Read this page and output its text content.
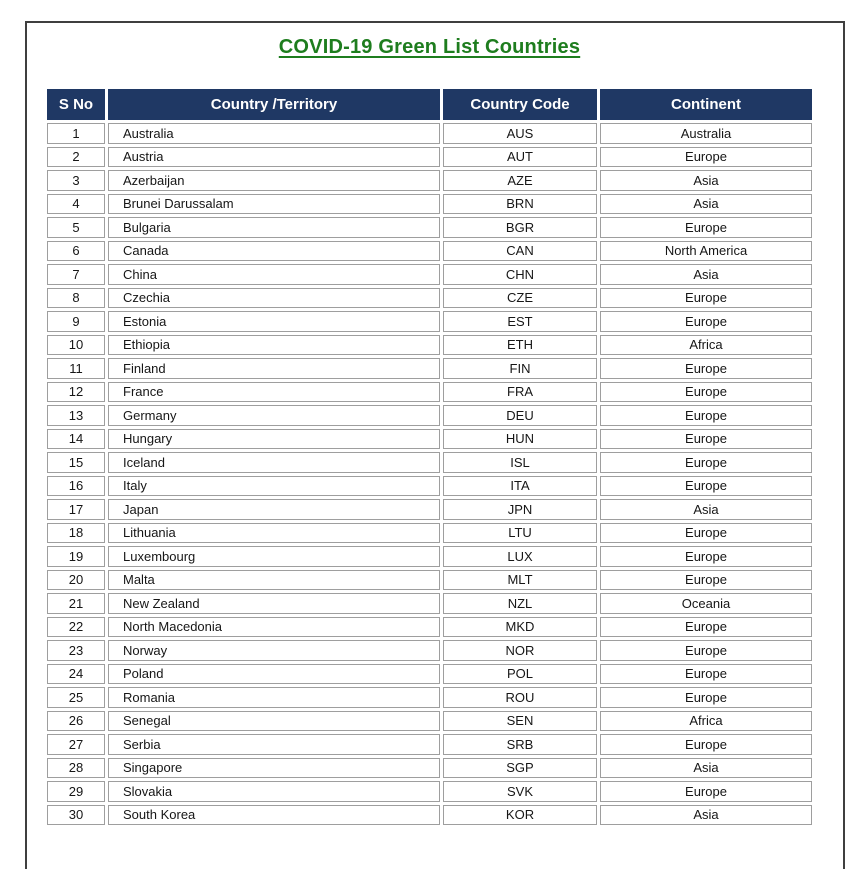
COVID-19 Green List Countries
S No	Country /Territory	Country Code	Continent
1	Australia	AUS	Australia
2	Austria	AUT	Europe
3	Azerbaijan	AZE	Asia
4	Brunei Darussalam	BRN	Asia
5	Bulgaria	BGR	Europe
6	Canada	CAN	North America
7	China	CHN	Asia
8	Czechia	CZE	Europe
9	Estonia	EST	Europe
10	Ethiopia	ETH	Africa
11	Finland	FIN	Europe
12	France	FRA	Europe
13	Germany	DEU	Europe
14	Hungary	HUN	Europe
15	Iceland	ISL	Europe
16	Italy	ITA	Europe
17	Japan	JPN	Asia
18	Lithuania	LTU	Europe
19	Luxembourg	LUX	Europe
20	Malta	MLT	Europe
21	New Zealand	NZL	Oceania
22	North Macedonia	MKD	Europe
23	Norway	NOR	Europe
24	Poland	POL	Europe
25	Romania	ROU	Europe
26	Senegal	SEN	Africa
27	Serbia	SRB	Europe
28	Singapore	SGP	Asia
29	Slovakia	SVK	Europe
30	South Korea	KOR	Asia
